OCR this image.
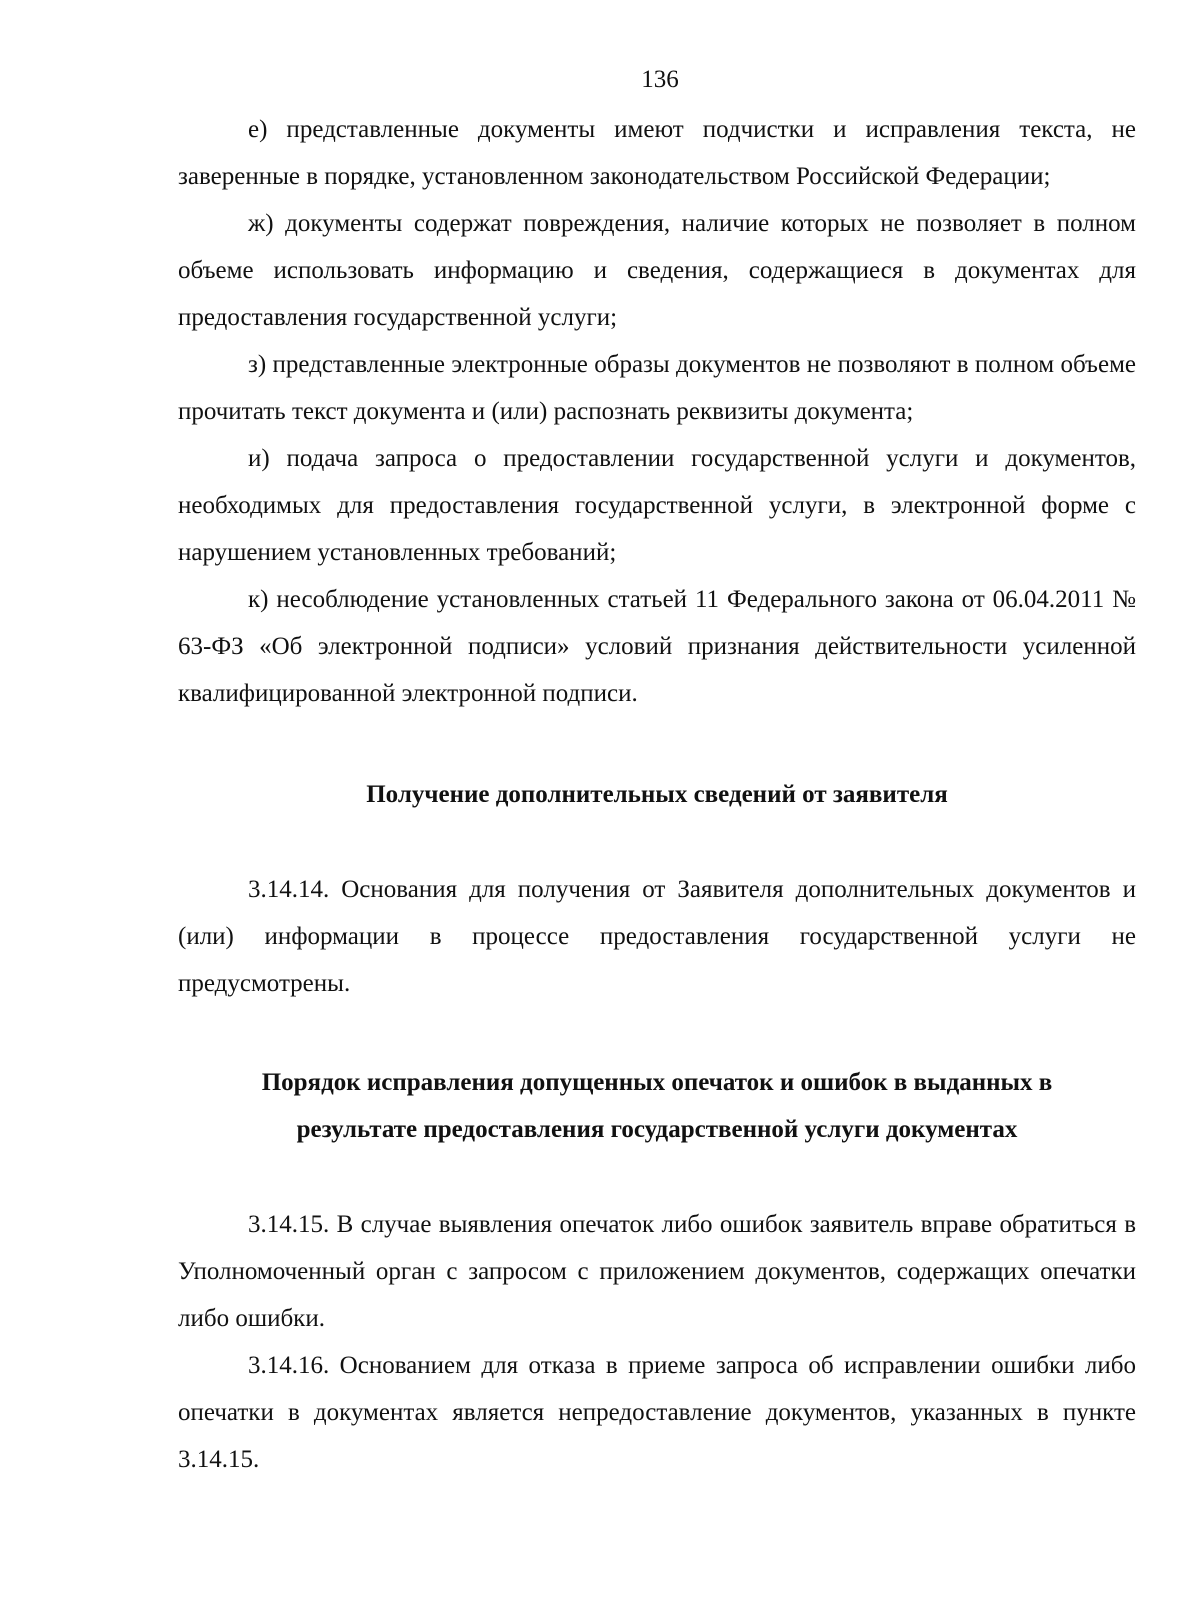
136

е) представленные документы имеют подчистки и исправления текста, не заверенные в порядке, установленном законодательством Российской Федерации;

ж) документы содержат повреждения, наличие которых не позволяет в полном объеме использовать информацию и сведения, содержащиеся в документах для предоставления государственной услуги;

з) представленные электронные образы документов не позволяют в полном объеме прочитать текст документа и (или) распознать реквизиты документа;

и) подача запроса о предоставлении государственной услуги и документов, необходимых для предоставления государственной услуги, в электронной форме с нарушением установленных требований;

к) несоблюдение установленных статьей 11 Федерального закона от 06.04.2011 № 63-ФЗ «Об электронной подписи» условий признания действительности усиленной квалифицированной электронной подписи.

Получение дополнительных сведений от заявителя

3.14.14. Основания для получения от Заявителя дополнительных документов и (или) информации в процессе предоставления государственной услуги не предусмотрены.

Порядок исправления допущенных опечаток и ошибок в выданных в

результате предоставления государственной услуги документах

3.14.15. В случае выявления опечаток либо ошибок заявитель вправе обратиться в Уполномоченный орган с запросом с приложением документов, содержащих опечатки либо ошибки.

3.14.16. Основанием для отказа в приеме запроса об исправлении ошибки либо опечатки в документах является непредоставление документов, указанных в пункте 3.14.15.
